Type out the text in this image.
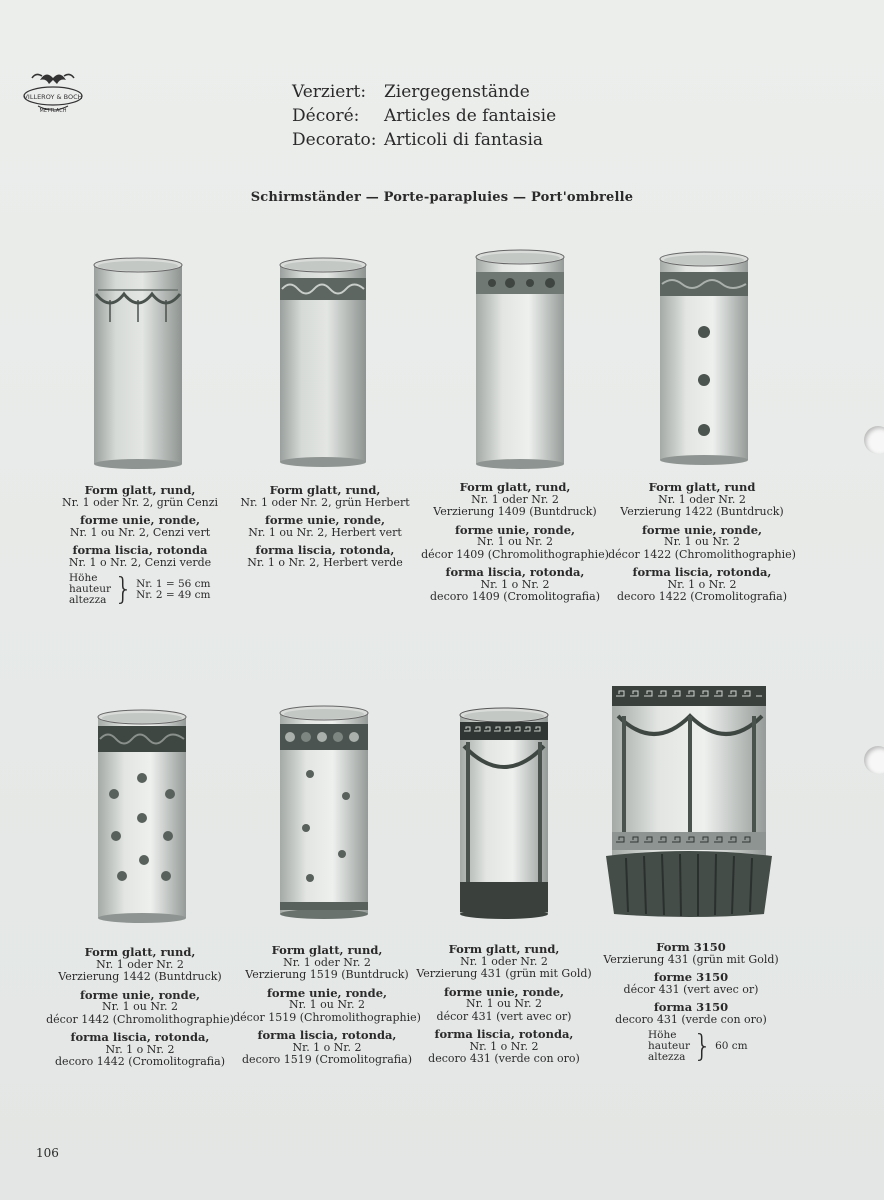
VILLEROY & BOCH
METTLACH
Verziert:	Ziergegenstände
Décoré:	Articles de fantaisie
Decorato: Articoli di fantasia
Schirmständer — Porte-parapluies — Port'ombrelle
Form glatt, rund,
Nr. 1 oder Nr. 2, grün Cenzi
forme unie, ronde,
Nr. 1 ou Nr. 2, Cenzi vert
forma liscia, rotonda
Nr. 1 o Nr. 2, Cenzi verde
Höhe
hauteur
altezza } Nr. 1 = 56 cm
Nr. 2 = 49 cm
Form glatt, rund,
Nr. 1 oder Nr. 2, grün Herbert
forme unie, ronde,
Nr. 1 ou Nr. 2, Herbert vert
forma liscia, rotonda,
Nr. 1 o Nr. 2, Herbert verde
Form glatt, rund,
Nr. 1 oder Nr. 2
Verzierung 1409 (Buntdruck)
forme unie, ronde,
Nr. 1 ou Nr. 2
décor 1409 (Chromolithographie)
forma liscia, rotonda,
Nr. 1 o Nr. 2
decoro 1409 (Cromolitografia)
Form glatt, rund
Nr. 1 oder Nr. 2
Verzierung 1422 (Buntdruck)
forme unie, ronde,
Nr. 1 ou Nr. 2
décor 1422 (Chromolithographie)
forma liscia, rotonda,
Nr. 1 o Nr. 2
decoro 1422 (Cromolitografia)
Form glatt, rund,
Nr. 1 oder Nr. 2
Verzierung 1442 (Buntdruck)
forme unie, ronde,
Nr. 1 ou Nr. 2
décor 1442 (Chromolithographie)
forma liscia, rotonda,
Nr. 1 o Nr. 2
decoro 1442 (Cromolitografia)
Form glatt, rund,
Nr. 1 oder Nr. 2
Verzierung 1519 (Buntdruck)
forme unie, ronde,
Nr. 1 ou Nr. 2
décor 1519 (Chromolithographie)
forma liscia, rotonda,
Nr. 1 o Nr. 2
decoro 1519 (Cromolitografia)
Form glatt, rund,
Nr. 1 oder Nr. 2
Verzierung 431 (grün mit Gold)
forme unie, ronde,
Nr. 1 ou Nr. 2
décor 431 (vert avec or)
forma liscia, rotonda,
Nr. 1 o Nr. 2
decoro 431 (verde con oro)
Form 3150
Verzierung 431 (grün mit Gold)
forme 3150
décor 431 (vert avec or)
forma 3150
decoro 431 (verde con oro)
Höhe
hauteur
altezza } 60 cm
106
